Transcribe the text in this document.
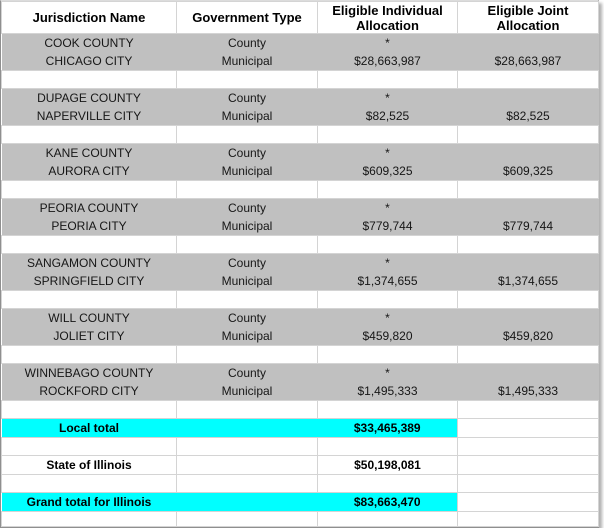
Jurisdiction Name	Government Type	Eligible Individual Allocation	Eligible Joint Allocation
COOK COUNTY	County	*	
CHICAGO CITY	Municipal	$28,663,987	$28,663,987

DUPAGE COUNTY	County	*	
NAPERVILLE CITY	Municipal	$82,525	$82,525

KANE COUNTY	County	*	
AURORA CITY	Municipal	$609,325	$609,325

PEORIA COUNTY	County	*	
PEORIA CITY	Municipal	$779,744	$779,744

SANGAMON COUNTY	County	*	
SPRINGFIELD CITY	Municipal	$1,374,655	$1,374,655

WILL COUNTY	County	*	
JOLIET CITY	Municipal	$459,820	$459,820

WINNEBAGO COUNTY	County	*	
ROCKFORD CITY	Municipal	$1,495,333	$1,495,333

Local total		$33,465,389	

State of Illinois		$50,198,081	

Grand total for Illinois		$83,663,470	
